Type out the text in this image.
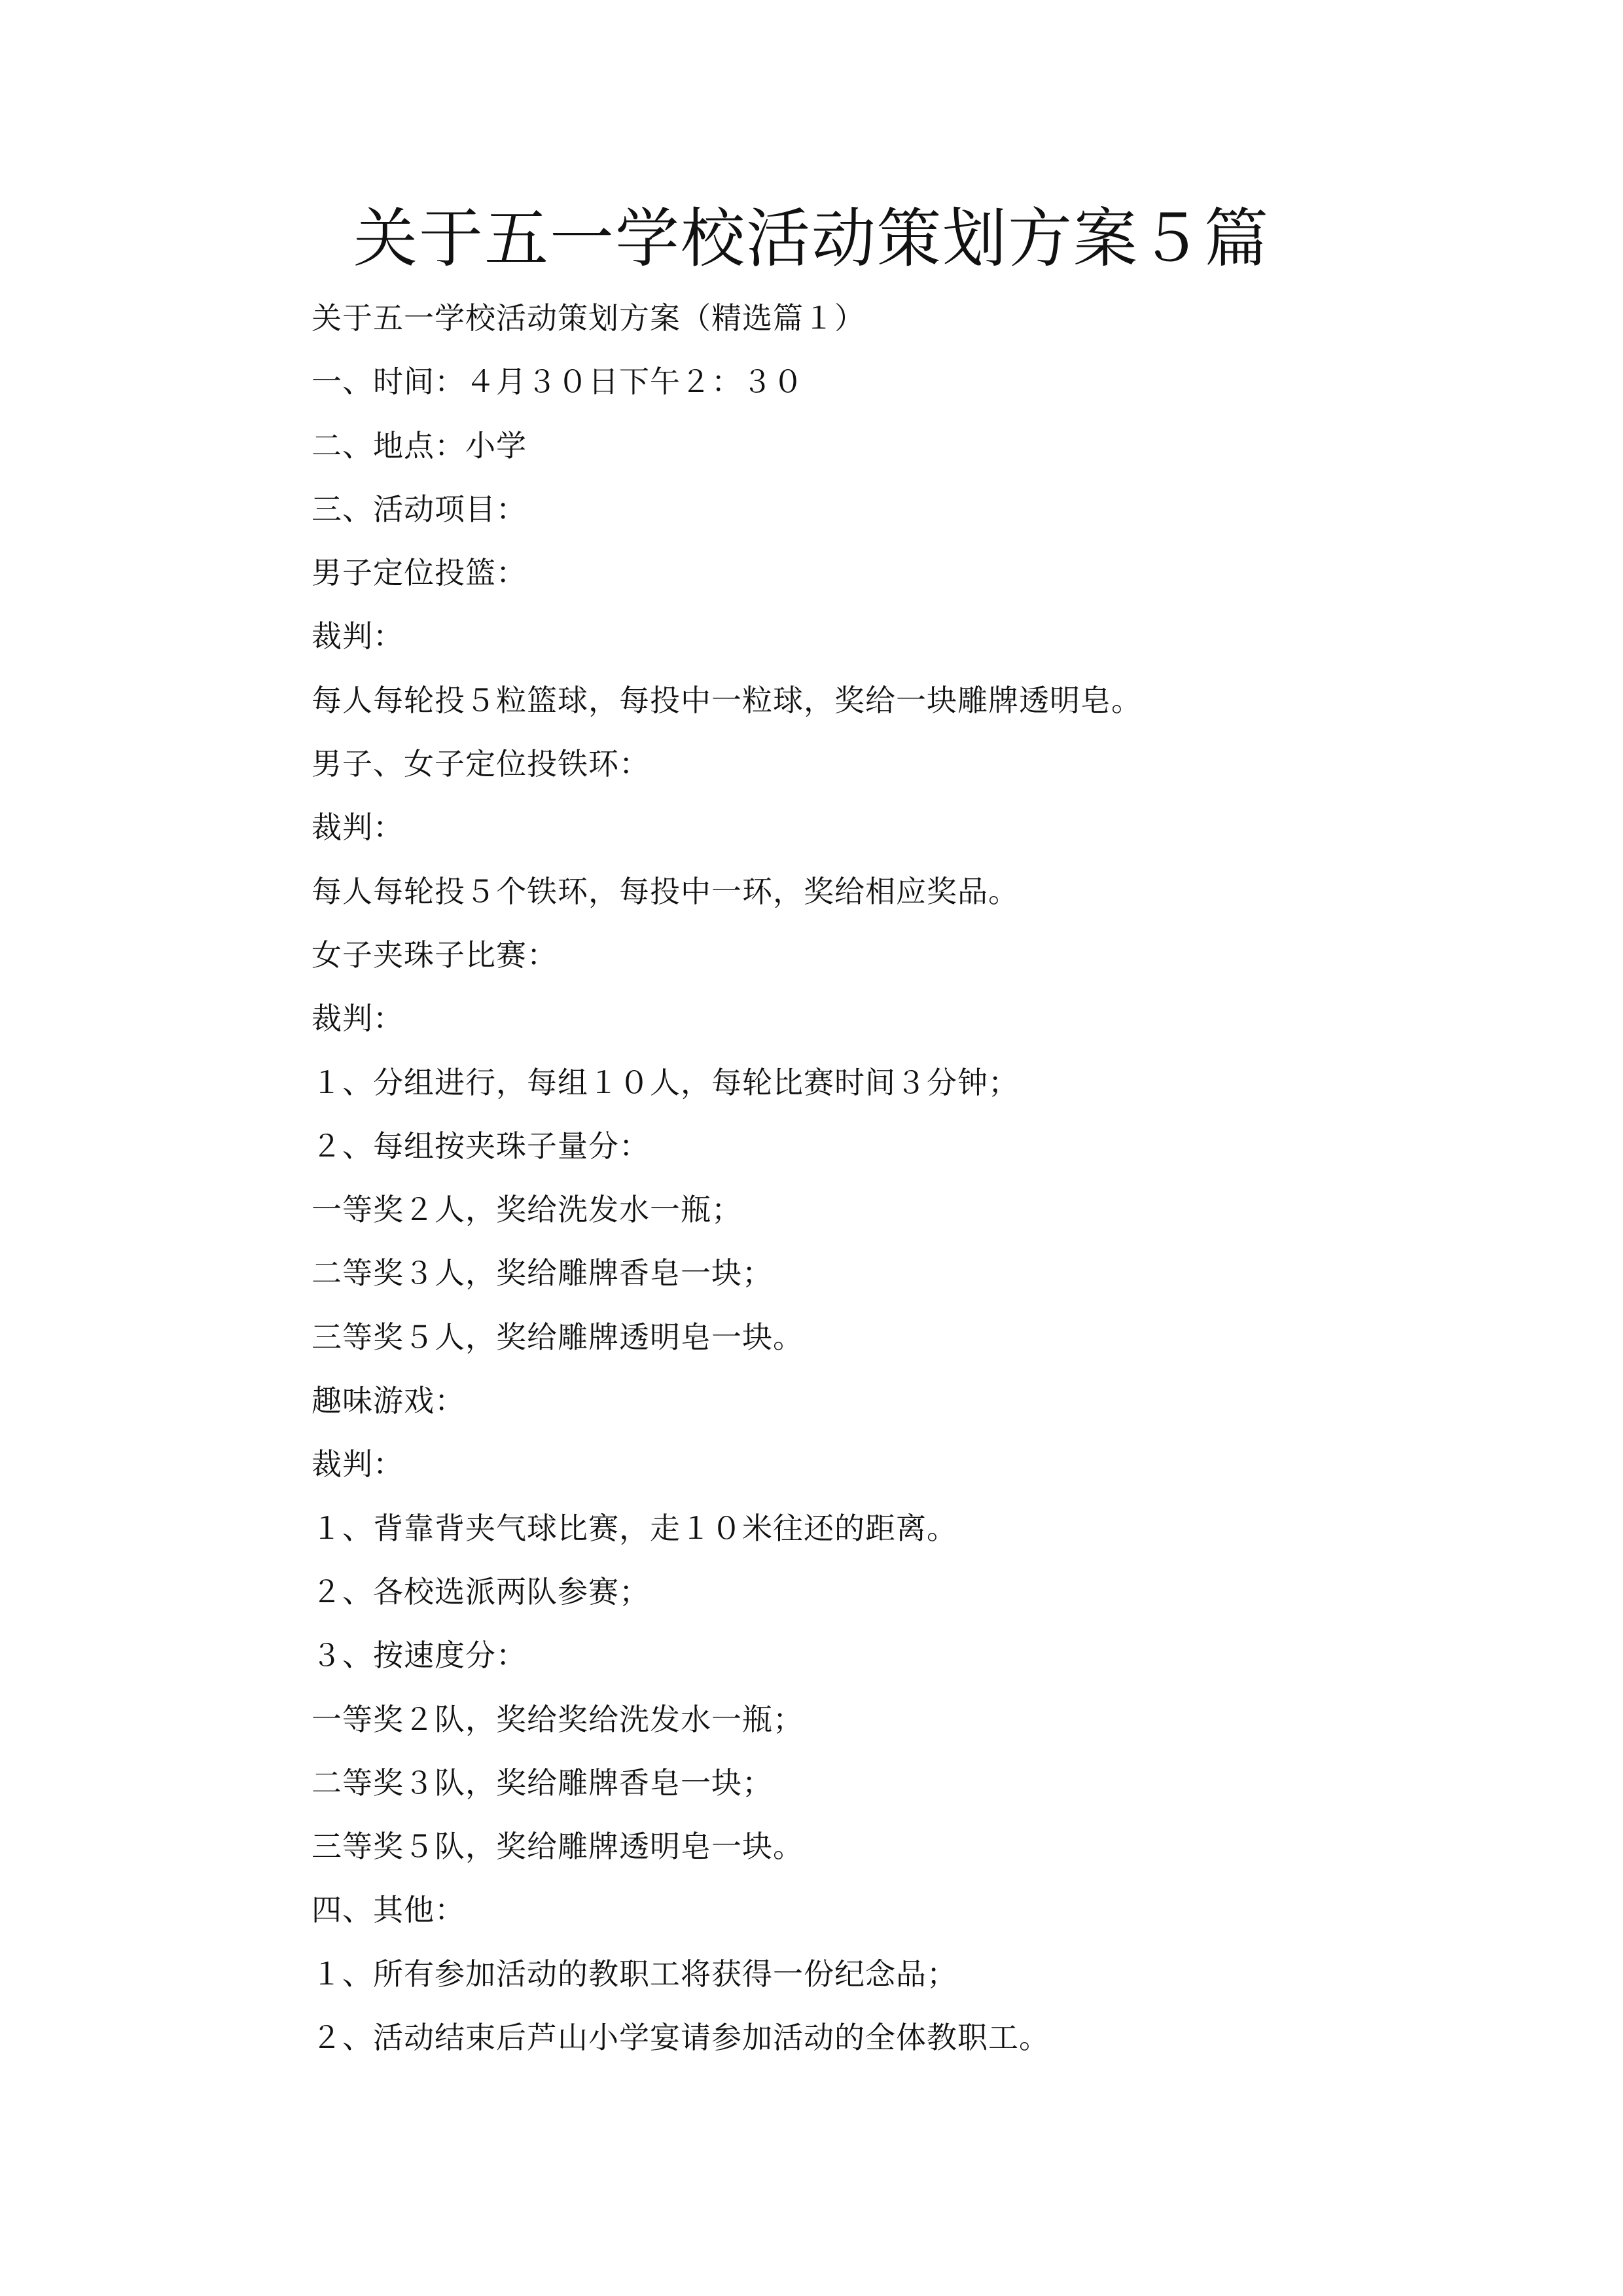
关于五一学校活动策划方案５篇
关于五一学校活动策划方案（精选篇１）
一、时间：４月３０日下午２：３０
二、地点：小学
三、活动项目：
男子定位投篮：
裁判：
每人每轮投５粒篮球，每投中一粒球，奖给一块雕牌透明皂。
男子、女子定位投铁环：
裁判：
每人每轮投５个铁环，每投中一环，奖给相应奖品。
女子夹珠子比赛：
裁判：
１、分组进行，每组１０人，每轮比赛时间３分钟；
２、每组按夹珠子量分：
一等奖２人，奖给洗发水一瓶；
二等奖３人，奖给雕牌香皂一块；
三等奖５人，奖给雕牌透明皂一块。
趣味游戏：
裁判：
１、背靠背夹气球比赛，走１０米往还的距离。
２、各校选派两队参赛；
３、按速度分：
一等奖２队，奖给奖给洗发水一瓶；
二等奖３队，奖给雕牌香皂一块；
三等奖５队，奖给雕牌透明皂一块。
四、其他：
１、所有参加活动的教职工将获得一份纪念品；
２、活动结束后芦山小学宴请参加活动的全体教职工。
